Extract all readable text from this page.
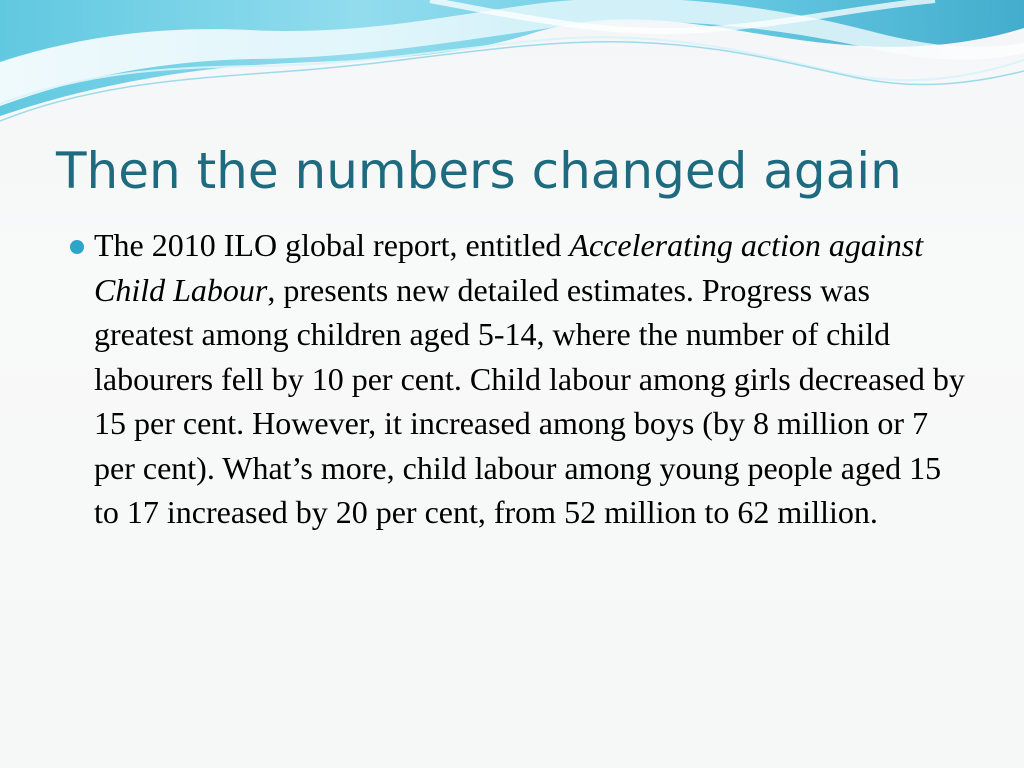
Then the numbers changed again
The 2010 ILO global report, entitled Accelerating action against Child Labour, presents new detailed estimates. Progress was greatest among children aged 5-14, where the number of child labourers fell by 10 per cent. Child labour among girls decreased by 15 per cent. However, it increased among boys (by 8 million or 7 per cent). What’s more, child labour among young people aged 15 to 17 increased by 20 per cent, from 52 million to 62 million.
